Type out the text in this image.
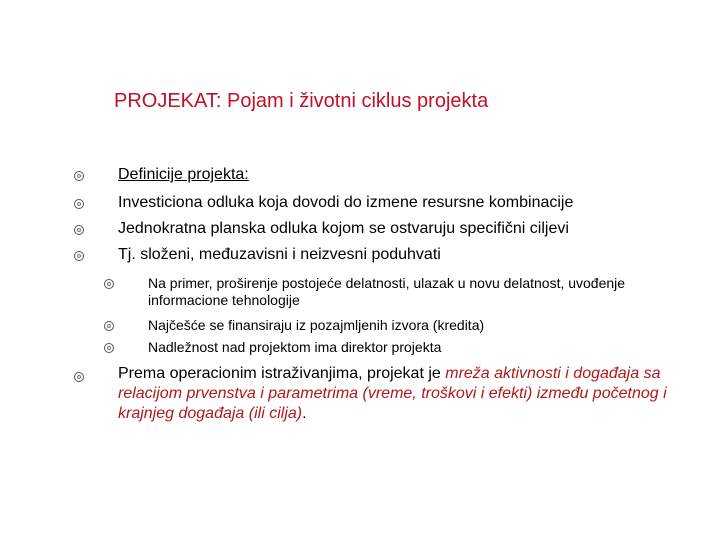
PROJEKAT: Pojam i životni ciklus projekta
Definicije projekta:
Investiciona odluka koja dovodi do izmene resursne kombinacije
Jednokratna planska odluka kojom se ostvaruju specifični ciljevi
Tj. složeni, međuzavisni i neizvesni poduhvati
Na primer, proširenje postojeće delatnosti, ulazak u novu delatnost, uvođenje informacione tehnologije
Najčešće se finansiraju iz pozajmljenih izvora (kredita)
Nadležnost nad projektom ima direktor projekta
Prema operacionim istraživanjima, projekat je mreža aktivnosti i događaja sa relacijom prvenstva i parametrima (vreme, troškovi i efekti) između početnog i krajnjeg događaja (ili cilja).
